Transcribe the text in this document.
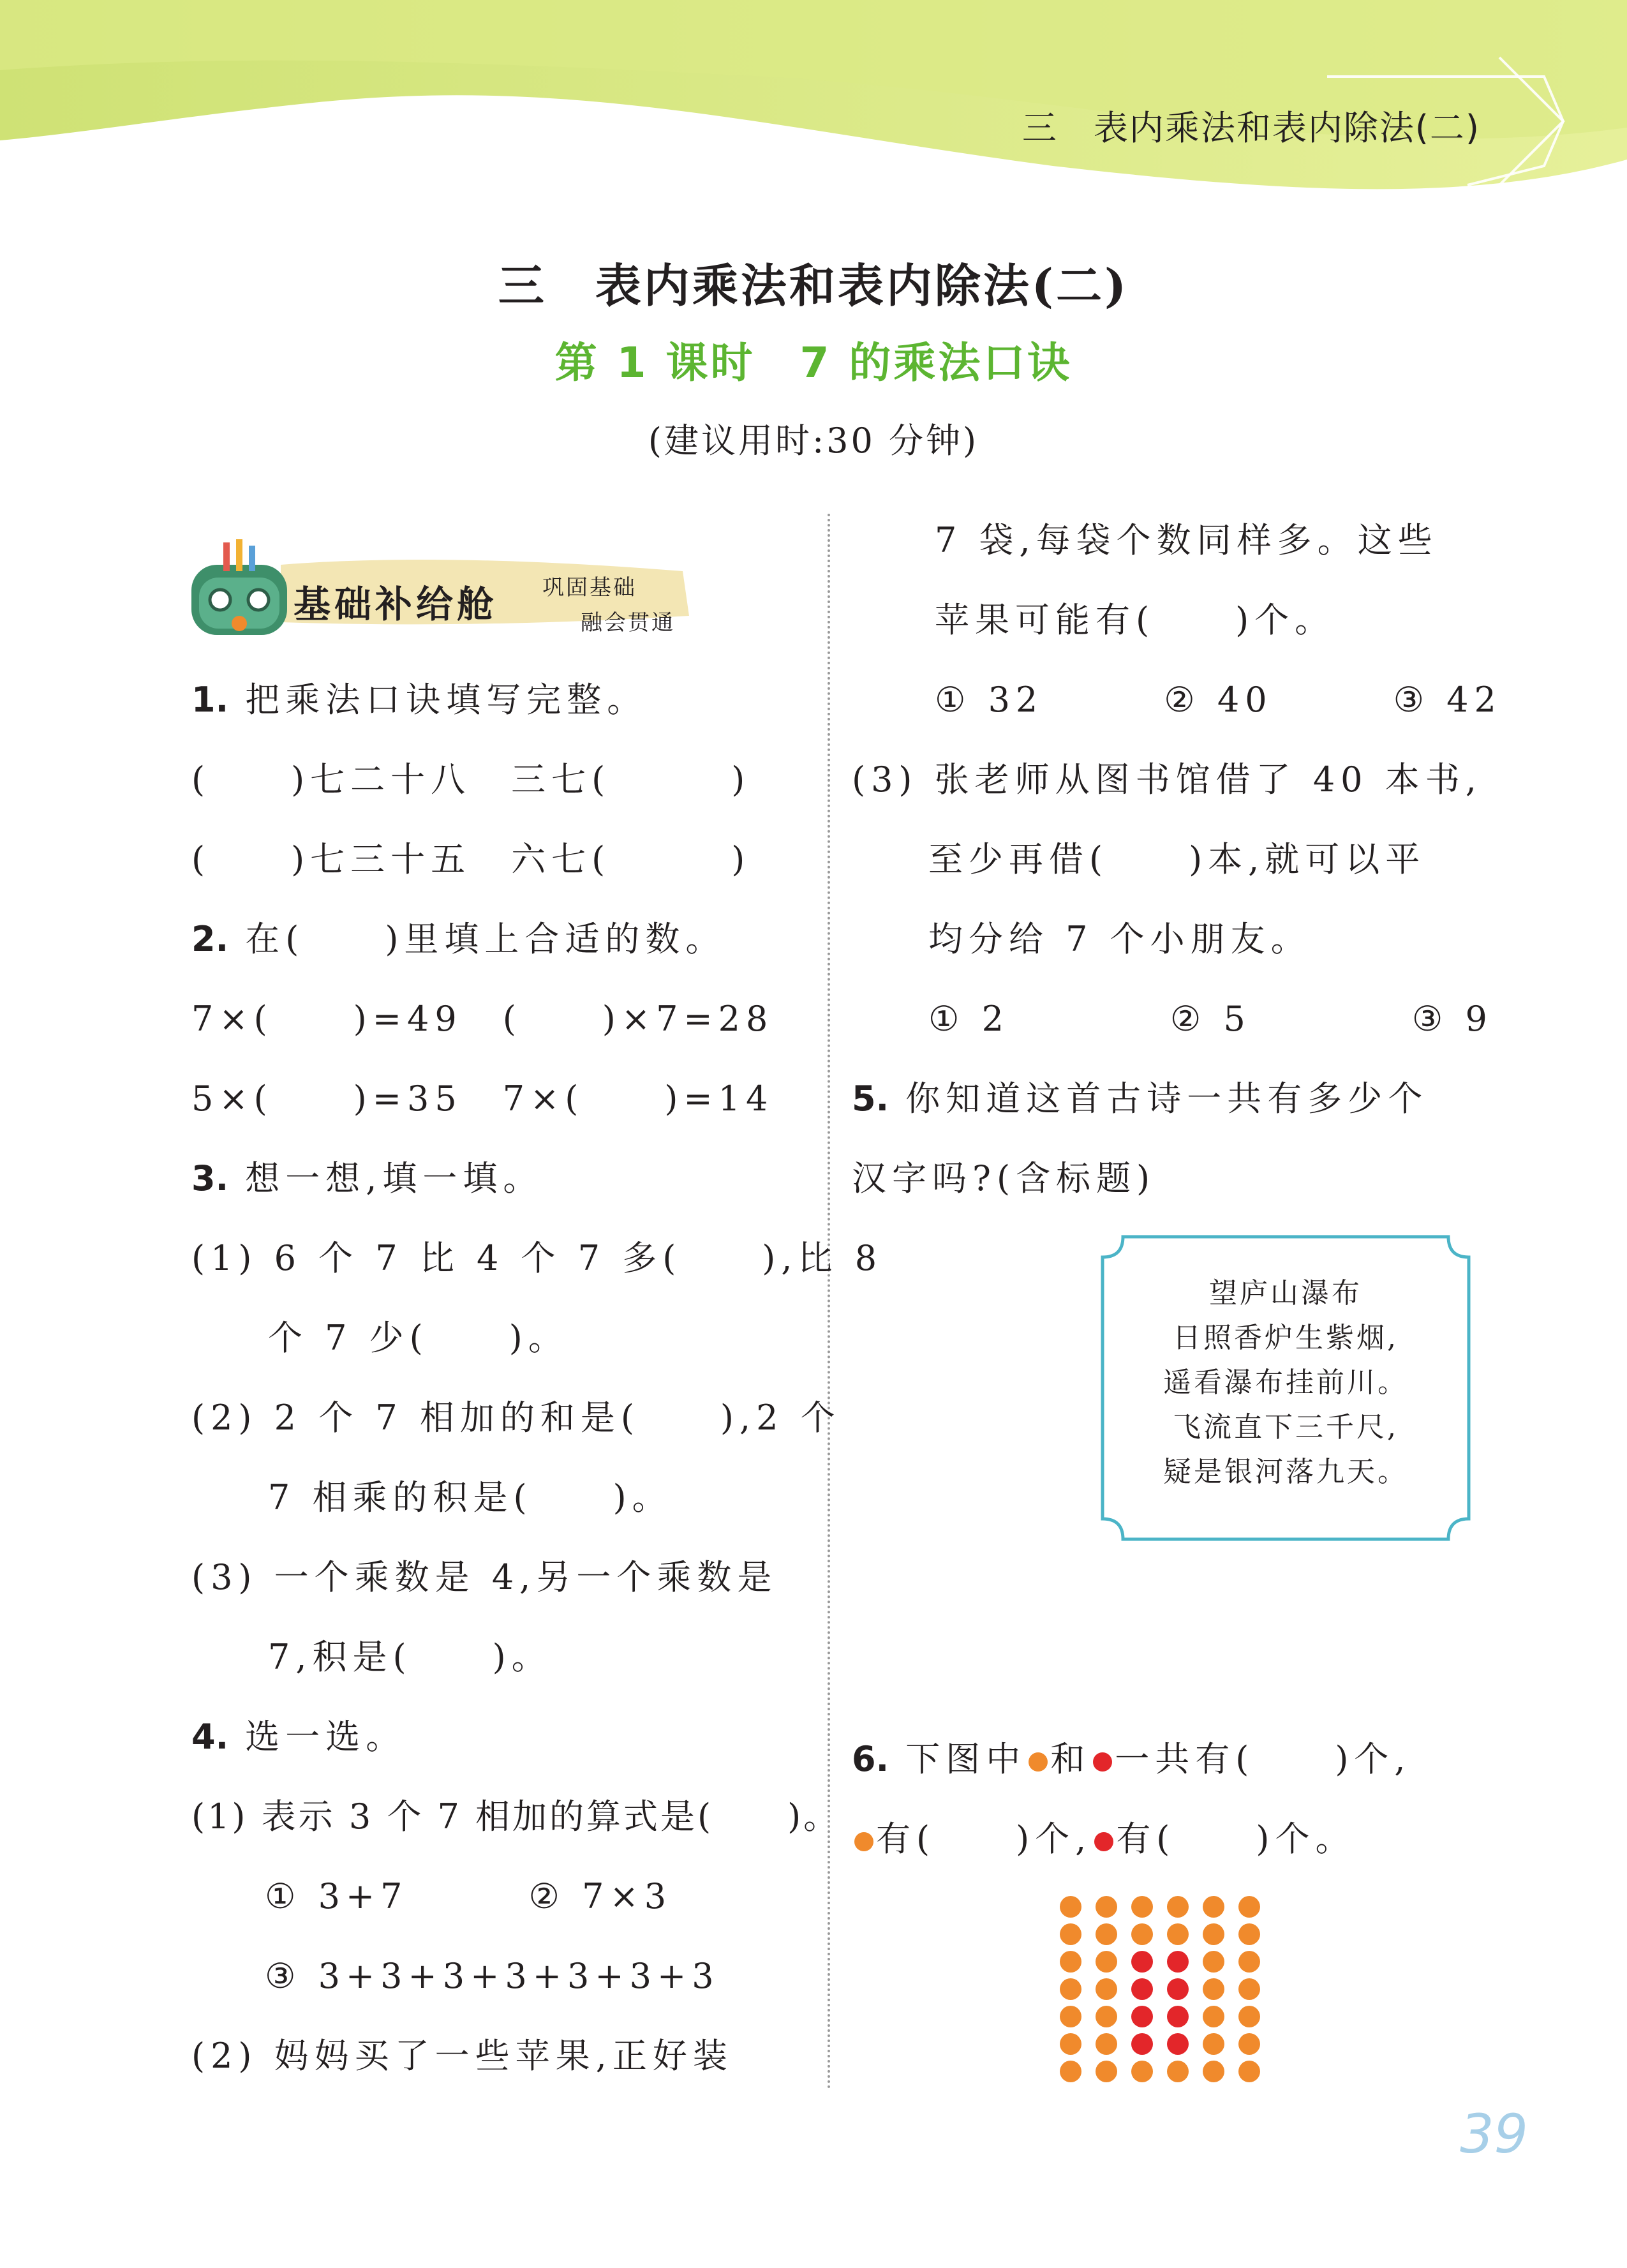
三　表内乘法和表内除法(二)
三　表内乘法和表内除法(二)
第 1 课时　7 的乘法口诀
(建议用时:30 分钟)
基础补给舱 巩固基础
融会贯通
1. 把乘法口诀填写完整。
(　　)七二十八　三七(　　　)
(　　)七三十五　六七(　　　)
2. 在(　　)里填上合适的数。
7×(　　)=49　(　　)×7=28
5×(　　)=35　7×(　　)=14
3. 想一想,填一填。
(1) 6 个 7 比 4 个 7 多(　　),比 8
个 7 少(　　)。
(2) 2 个 7 相加的和是(　　),2 个
7 相乘的积是(　　)。
(3) 一个乘数是 4,另一个乘数是
7,积是(　　)。
4. 选一选。
(1) 表示 3 个 7 相加的算式是(　　)。
① 3+7　　　② 7×3
③ 3+3+3+3+3+3+3
(2) 妈妈买了一些苹果,正好装
7 袋,每袋个数同样多。这些
苹果可能有(　　)个。
① 32　　　② 40　　　③ 42
(3) 张老师从图书馆借了 40 本书,
至少再借(　　)本,就可以平
均分给 7 个小朋友。
① 2　　　　② 5　　　　③ 9
5. 你知道这首古诗一共有多少个
汉字吗?(含标题)
望庐山瀑布
日照香炉生紫烟,
遥看瀑布挂前川。
飞流直下三千尺,
疑是银河落九天。
6. 下图中 和 一共有(　　)个,
有(　　)个, 有(　　)个。
39
